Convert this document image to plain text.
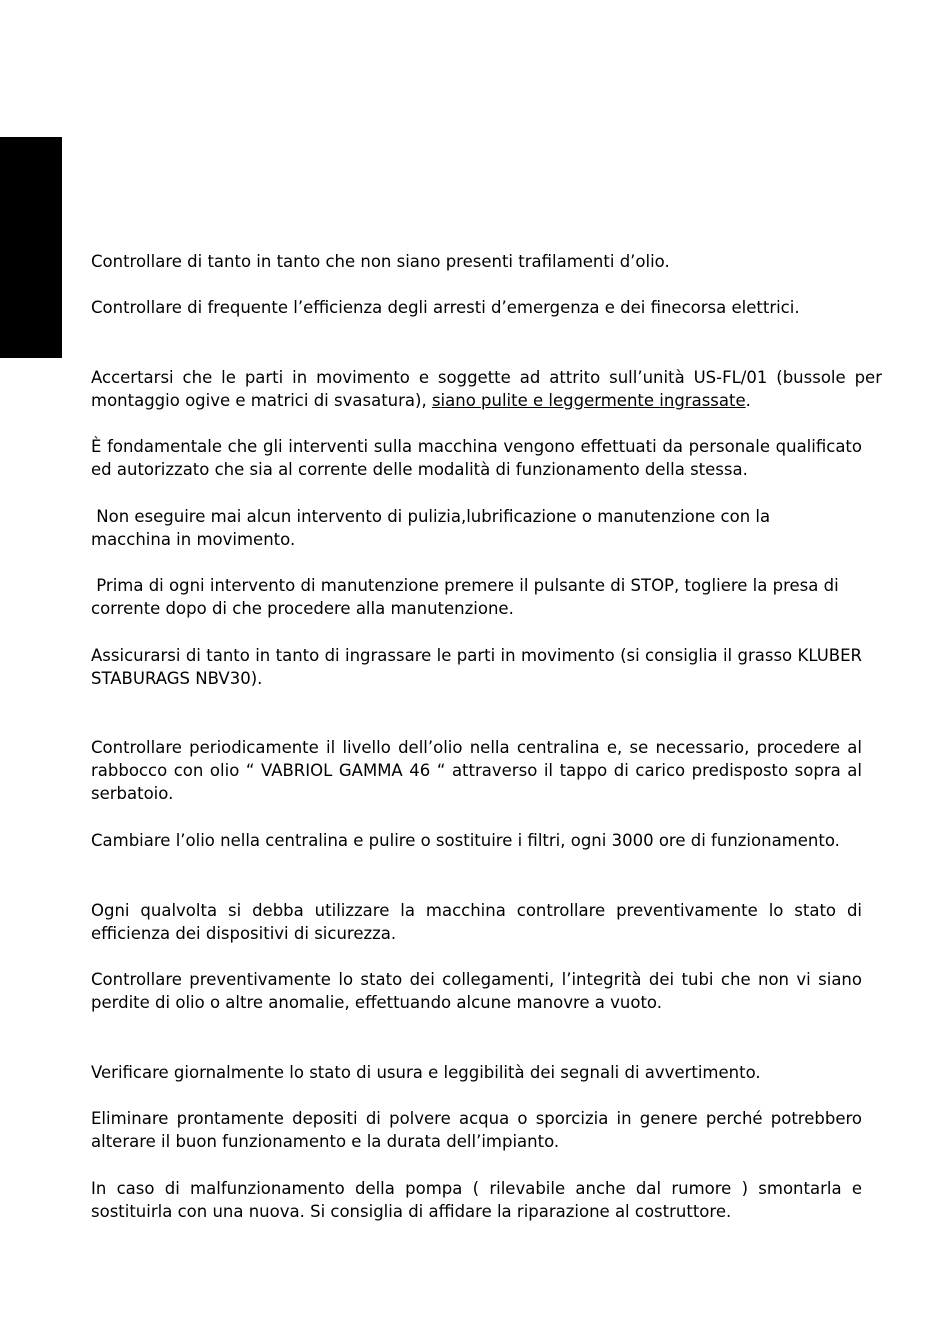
Controllare di tanto in tanto che non siano presenti trafilamenti d’olio.

Controllare di frequente l’efficienza degli arresti d’emergenza e dei finecorsa elettrici.

Accertarsi che le parti in movimento e soggette ad attrito sull’unità US-FL/01 (bussole per montaggio ogive e matrici di svasatura), siano pulite e leggermente ingrassate.

È fondamentale che gli interventi sulla macchina vengono effettuati da personale qualificato ed autorizzato che sia al corrente delle modalità di funzionamento della stessa.

Non eseguire mai alcun intervento di pulizia,lubrificazione o manutenzione con la macchina in movimento.

Prima di ogni intervento di manutenzione premere il pulsante di STOP, togliere la presa di corrente dopo di che procedere alla manutenzione.

Assicurarsi di tanto in tanto di ingrassare le parti in movimento (si consiglia il grasso KLUBER STABURAGS NBV30).

Controllare periodicamente il livello dell’olio nella centralina e, se necessario, procedere al rabbocco con olio “ VABRIOL GAMMA 46 “ attraverso il tappo di carico predisposto sopra al serbatoio.

Cambiare l’olio nella centralina e pulire o sostituire i filtri, ogni 3000 ore di funzionamento.

Ogni qualvolta si debba utilizzare la macchina controllare preventivamente lo stato di efficienza dei dispositivi di sicurezza.

Controllare preventivamente lo stato dei collegamenti, l’integrità dei tubi che non vi siano perdite di olio o altre anomalie, effettuando alcune manovre a vuoto.

Verificare giornalmente lo stato di usura e leggibilità dei segnali di avvertimento.

Eliminare prontamente depositi di polvere acqua o sporcizia in genere perché potrebbero alterare il buon funzionamento e la durata dell’impianto.

In caso di malfunzionamento della pompa ( rilevabile anche dal rumore ) smontarla e sostituirla con una nuova. Si consiglia di affidare la riparazione al costruttore.
